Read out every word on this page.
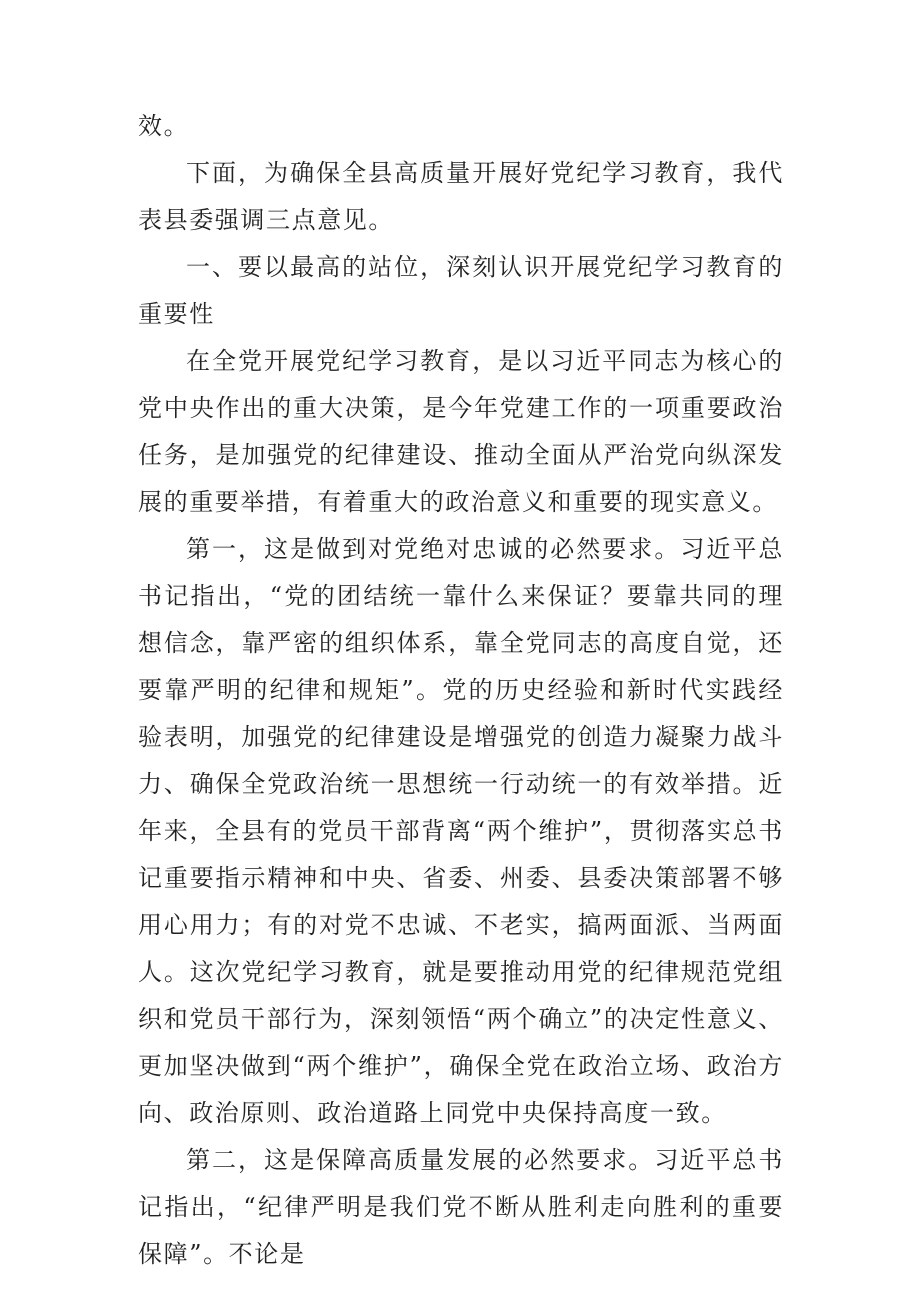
效。

下面，为确保全县高质量开展好党纪学习教育，我代表县委强调三点意见。

一、要以最高的站位，深刻认识开展党纪学习教育的重要性

在全党开展党纪学习教育，是以习近平同志为核心的党中央作出的重大决策，是今年党建工作的一项重要政治任务，是加强党的纪律建设、推动全面从严治党向纵深发展的重要举措，有着重大的政治意义和重要的现实意义。

第一，这是做到对党绝对忠诚的必然要求。习近平总书记指出，“党的团结统一靠什么来保证？要靠共同的理想信念，靠严密的组织体系，靠全党同志的高度自觉，还要靠严明的纪律和规矩”。党的历史经验和新时代实践经验表明，加强党的纪律建设是增强党的创造力凝聚力战斗力、确保全党政治统一思想统一行动统一的有效举措。近年来，全县有的党员干部背离“两个维护”，贯彻落实总书记重要指示精神和中央、省委、州委、县委决策部署不够用心用力；有的对党不忠诚、不老实，搞两面派、当两面人。这次党纪学习教育，就是要推动用党的纪律规范党组织和党员干部行为，深刻领悟“两个确立”的决定性意义、更加坚决做到“两个维护”，确保全党在政治立场、政治方向、政治原则、政治道路上同党中央保持高度一致。

第二，这是保障高质量发展的必然要求。习近平总书记指出，“纪律严明是我们党不断从胜利走向胜利的重要保障”。不论是
